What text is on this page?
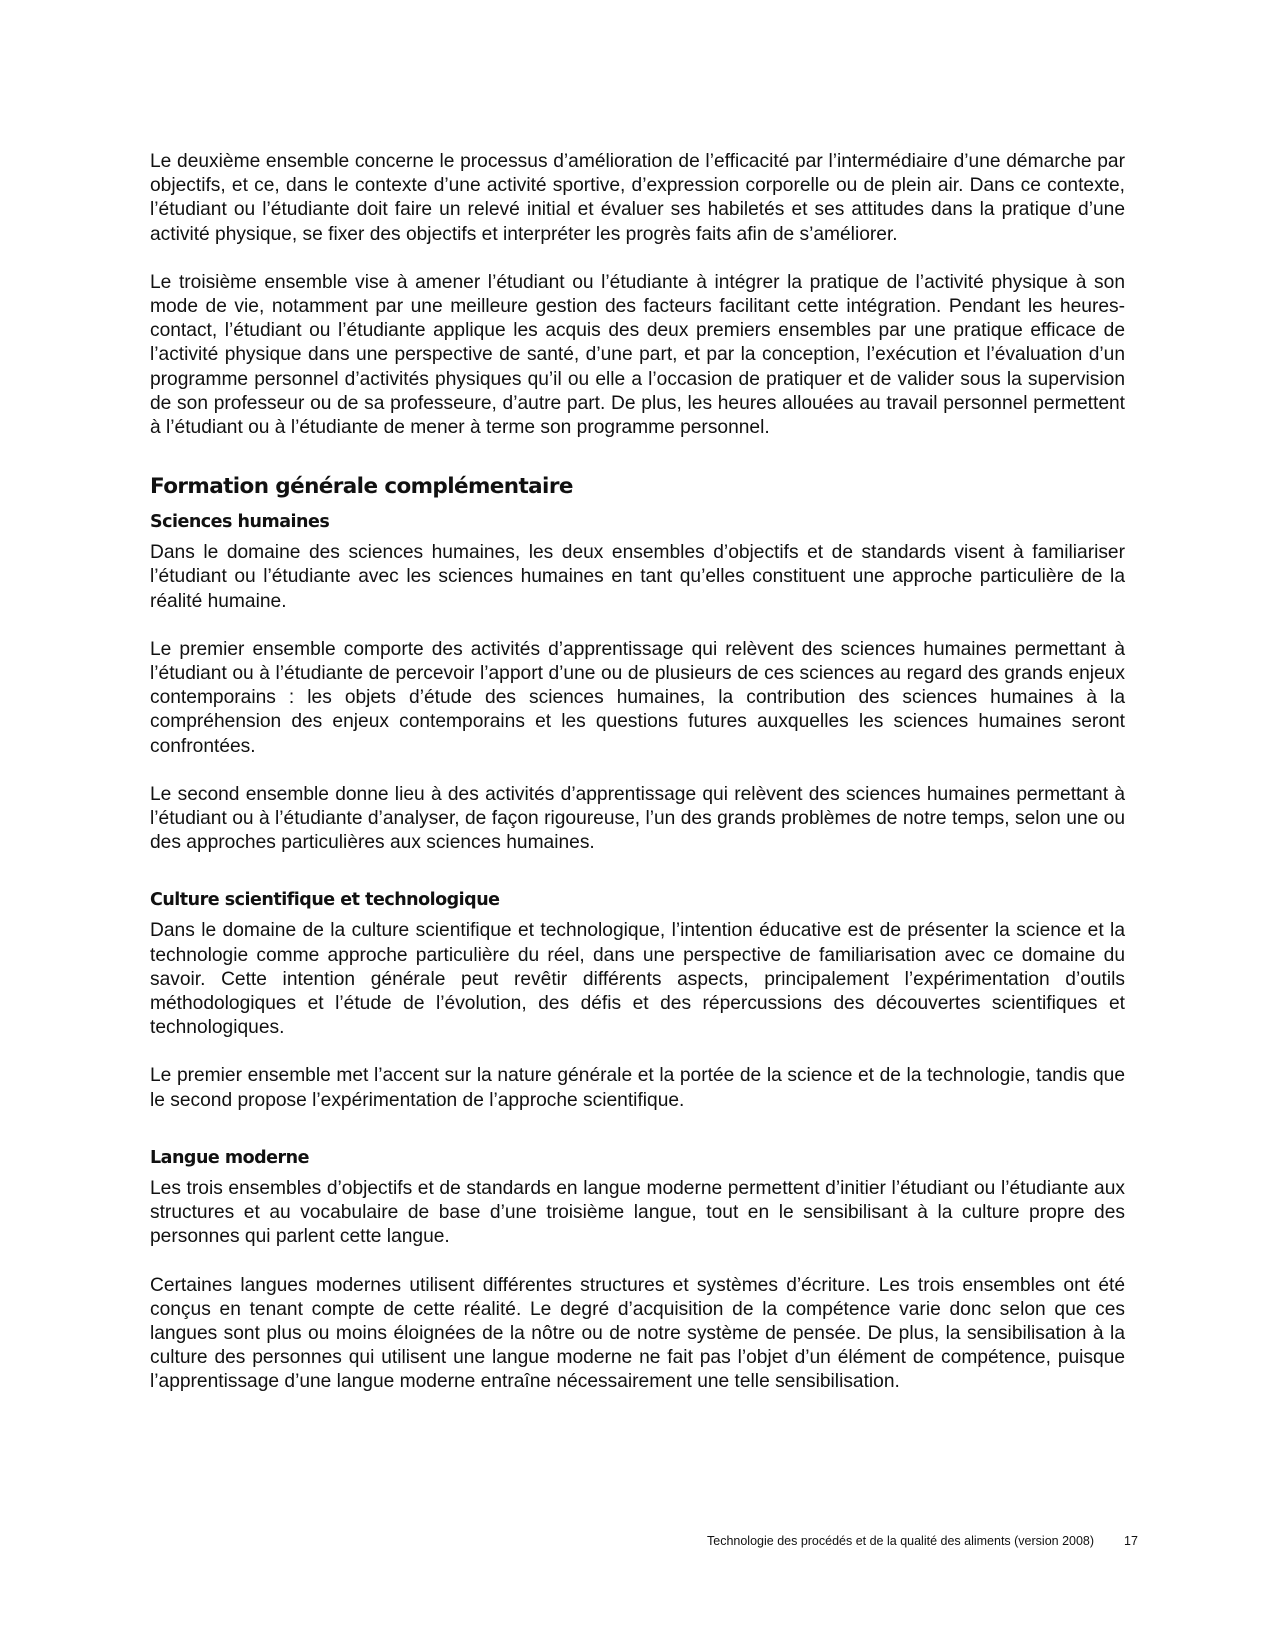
Le deuxième ensemble concerne le processus d’amélioration de l’efficacité par l’intermédiaire d’une démarche par objectifs, et ce, dans le contexte d’une activité sportive, d’expression corporelle ou de plein air. Dans ce contexte, l’étudiant ou l’étudiante doit faire un relevé initial et évaluer ses habiletés et ses attitudes dans la pratique d’une activité physique, se fixer des objectifs et interpréter les progrès faits afin de s’améliorer.

Le troisième ensemble vise à amener l’étudiant ou l’étudiante à intégrer la pratique de l’activité physique à son mode de vie, notamment par une meilleure gestion des facteurs facilitant cette intégration. Pendant les heures-contact, l’étudiant ou l’étudiante applique les acquis des deux premiers ensembles par une pratique efficace de l’activité physique dans une perspective de santé, d’une part, et par la conception, l’exécution et l’évaluation d’un programme personnel d’activités physiques qu’il ou elle a l’occasion de pratiquer et de valider sous la supervision de son professeur ou de sa professeure, d’autre part. De plus, les heures allouées au travail personnel permettent à l’étudiant ou à l’étudiante de mener à terme son programme personnel.

Formation générale complémentaire
Sciences humaines

Dans le domaine des sciences humaines, les deux ensembles d’objectifs et de standards visent à familiariser l’étudiant ou l’étudiante avec les sciences humaines en tant qu’elles constituent une approche particulière de la réalité humaine.

Le premier ensemble comporte des activités d’apprentissage qui relèvent des sciences humaines permettant à l’étudiant ou à l’étudiante de percevoir l’apport d’une ou de plusieurs de ces sciences au regard des grands enjeux contemporains : les objets d’étude des sciences humaines, la contribution des sciences humaines à la compréhension des enjeux contemporains et les questions futures auxquelles les sciences humaines seront confrontées.

Le second ensemble donne lieu à des activités d’apprentissage qui relèvent des sciences humaines permettant à l’étudiant ou à l’étudiante d’analyser, de façon rigoureuse, l’un des grands problèmes de notre temps, selon une ou des approches particulières aux sciences humaines.

Culture scientifique et technologique

Dans le domaine de la culture scientifique et technologique, l’intention éducative est de présenter la science et la technologie comme approche particulière du réel, dans une perspective de familiarisation avec ce domaine du savoir. Cette intention générale peut revêtir différents aspects, principalement l’expérimentation d’outils méthodologiques et l’étude de l’évolution, des défis et des répercussions des découvertes scientifiques et technologiques.

Le premier ensemble met l’accent sur la nature générale et la portée de la science et de la technologie, tandis que le second propose l’expérimentation de l’approche scientifique.

Langue moderne

Les trois ensembles d’objectifs et de standards en langue moderne permettent d’initier l’étudiant ou l’étudiante aux structures et au vocabulaire de base d’une troisième langue, tout en le sensibilisant à la culture propre des personnes qui parlent cette langue.

Certaines langues modernes utilisent différentes structures et systèmes d’écriture. Les trois ensembles ont été conçus en tenant compte de cette réalité. Le degré d’acquisition de la compétence varie donc selon que ces langues sont plus ou moins éloignées de la nôtre ou de notre système de pensée. De plus, la sensibilisation à la culture des personnes qui utilisent une langue moderne ne fait pas l’objet d’un élément de compétence, puisque l’apprentissage d’une langue moderne entraîne nécessairement une telle sensibilisation.

Technologie des procédés et de la qualité des aliments (version 2008) 17
